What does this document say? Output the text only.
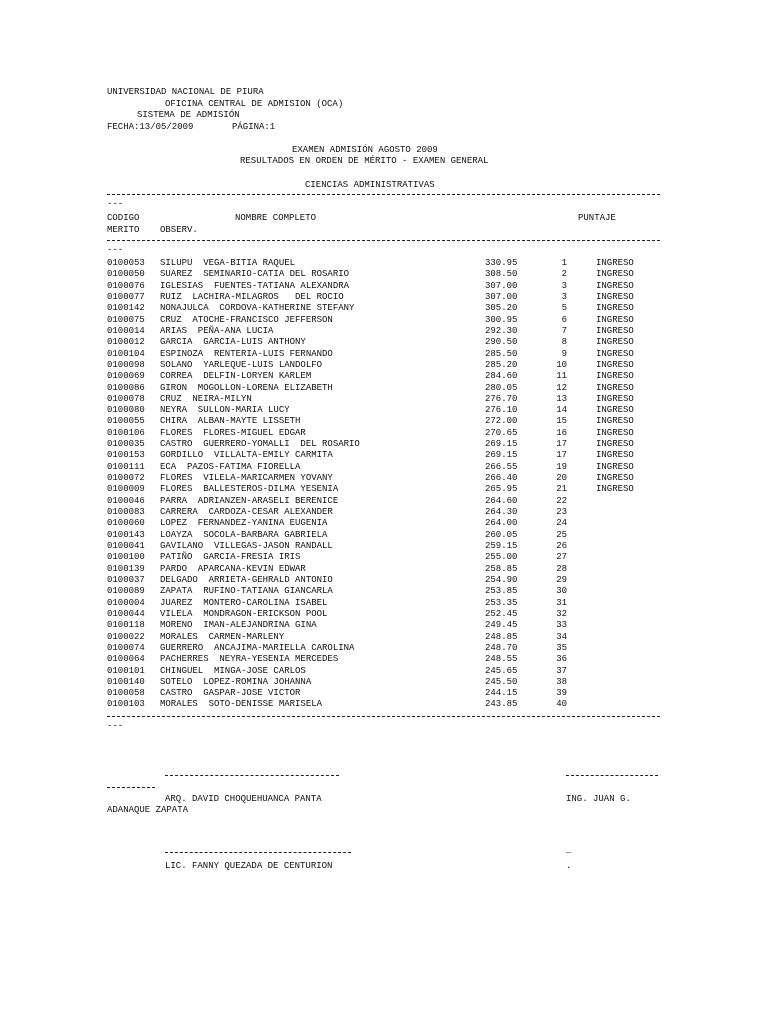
UNIVERSIDAD NACIONAL DE PIURA
OFICINA CENTRAL DE ADMISION (OCA)
SISTEMA DE ADMISIÓN
FECHA:13/05/2009	PÁGINA:1
EXAMEN ADMISIÓN AGOSTO 2009
RESULTADOS EN ORDEN DE MÉRITO - EXAMEN GENERAL
CIENCIAS ADMINISTRATIVAS
---
CODIGO	NOMBRE COMPLETO	PUNTAJE
MERITO OBSERV.
---
0100053 SILUPU  VEGA-BITIA RAQUEL	330.95	1	INGRESO
0100050 SUAREZ  SEMINARIO-CATIA DEL ROSARIO	308.50	2	INGRESO
0100076 IGLESIAS  FUENTES-TATIANA ALEXANDRA	307.00	3	INGRESO
0100077 RUIZ  LACHIRA-MILAGROS   DEL ROCIO	307.00	3	INGRESO
0100142 NONAJULCA  CORDOVA-KATHERINE STEFANY	305.20	5	INGRESO
0100075 CRUZ  ATOCHE-FRANCISCO JEFFERSON	300.95	6	INGRESO
0100014 ARIAS  PEÑA-ANA LUCIA	292.30	7	INGRESO
0100012 GARCIA  GARCIA-LUIS ANTHONY	290.50	8	INGRESO
0100104 ESPINOZA  RENTERIA-LUIS FERNANDO	285.50	9	INGRESO
0100098 SOLANO  YARLEQUE-LUIS LANDOLFO	285.20	10	INGRESO
0100069 CORREA  DELFIN-LORYEN KARLEM	284.60	11	INGRESO
0100086 GIRON  MOGOLLON-LORENA ELIZABETH	280.05	12	INGRESO
0100078 CRUZ  NEIRA-MILYN	276.70	13	INGRESO
0100080 NEYRA  SULLON-MARIA LUCY	276.10	14	INGRESO
0100055 CHIRA  ALBAN-MAYTE LISSETH	272.00	15	INGRESO
0100106 FLORES  FLORES-MIGUEL EDGAR	270.65	16	INGRESO
0100035 CASTRO  GUERRERO-YOMALLI  DEL ROSARIO	269.15	17	INGRESO
0100153 GORDILLO  VILLALTA-EMILY CARMITA	269.15	17	INGRESO
0100111 ECA  PAZOS-FATIMA FIORELLA	266.55	19	INGRESO
0100072 FLORES  VILELA-MARICARMEN YOVANY	266.40	20	INGRESO
0100009 FLORES  BALLESTEROS-DILMA YESENIA	265.95	21	INGRESO
0100046 PARRA  ADRIANZEN-ARASELI BERENICE	264.60	22
0100083 CARRERA  CARDOZA-CESAR ALEXANDER	264.30	23
0100060 LOPEZ  FERNANDEZ-YANINA EUGENIA	264.00	24
0100143 LOAYZA  SOCOLA-BARBARA GABRIELA	260.05	25
0100041 GAVILANO  VILLEGAS-JASON RANDALL	259.15	26
0100100 PATIÑO  GARCIA-FRESIA IRIS	255.00	27
0100139 PARDO  APARCANA-KEVIN EDWAR	258.85	28
0100037 DELGADO  ARRIETA-GEHRALD ANTONIO	254.90	29
0100089 ZAPATA  RUFINO-TATIANA GIANCARLA	253.85	30
0100004 JUAREZ  MONTERO-CAROLINA ISABEL	253.35	31
0100044 VILELA  MONDRAGON-ERICKSON POOL	252.45	32
0100118 MORENO  IMAN-ALEJANDRINA GINA	249.45	33
0100022 MORALES  CARMEN-MARLENY	248.85	34
0100074 GUERRERO  ANCAJIMA-MARIELLA CAROLINA	248.70	35
0100064 PACHERRES  NEYRA-YESENIA MERCEDES	248.55	36
0100101 CHINGUEL  MINGA-JOSE CARLOS	245.65	37
0100140 SOTELO  LOPEZ-ROMINA JOHANNA	245.50	38
0100058 CASTRO  GASPAR-JOSE VICTOR	244.15	39
0100103 MORALES  SOTO-DENISSE MARISELA	243.85	40
---
ARQ. DAVID CHOQUEHUANCA PANTA	ING. JUAN G.
ADANAQUE ZAPATA
_
LIC. FANNY QUEZADA DE CENTURION	.
